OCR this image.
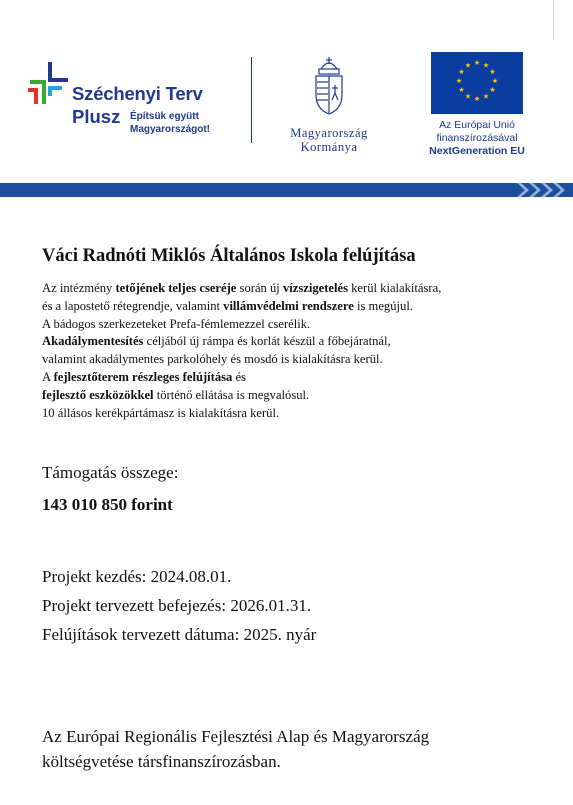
Széchenyi Terv
Plusz Építsük együtt
Magyarországot!	Magyarország
Kormánya
★ ★
★
★
★
★
★
★
★
★
★
★
Az Európai Unió
finanszírozásával
NextGeneration EU
Váci Radnóti Miklós Általános Iskola felújítása
Az intézmény tetőjének teljes cseréje során új vízszigetelés kerül kialakításra,
és a lapostető rétegrendje, valamint villámvédelmi rendszere is megújul.
A bádogos szerkezeteket Prefa-fémlemezzel cserélik.
Akadálymentesítés céljából új rámpa és korlát készül a főbejáratnál,
valamint akadálymentes parkolóhely és mosdó is kialakításra kerül.
A fejlesztőterem részleges felújítása és
fejlesztő eszközökkel történő ellátása is megvalósul.
10 állásos kerékpártámasz is kialakításra kerül.
Támogatás összege:
143 010 850 forint
Projekt kezdés: 2024.08.01.
Projekt tervezett befejezés: 2026.01.31.
Felújítások tervezett dátuma: 2025. nyár
Az Európai Regionális Fejlesztési Alap és Magyarország
költségvetése társfinanszírozásban.
